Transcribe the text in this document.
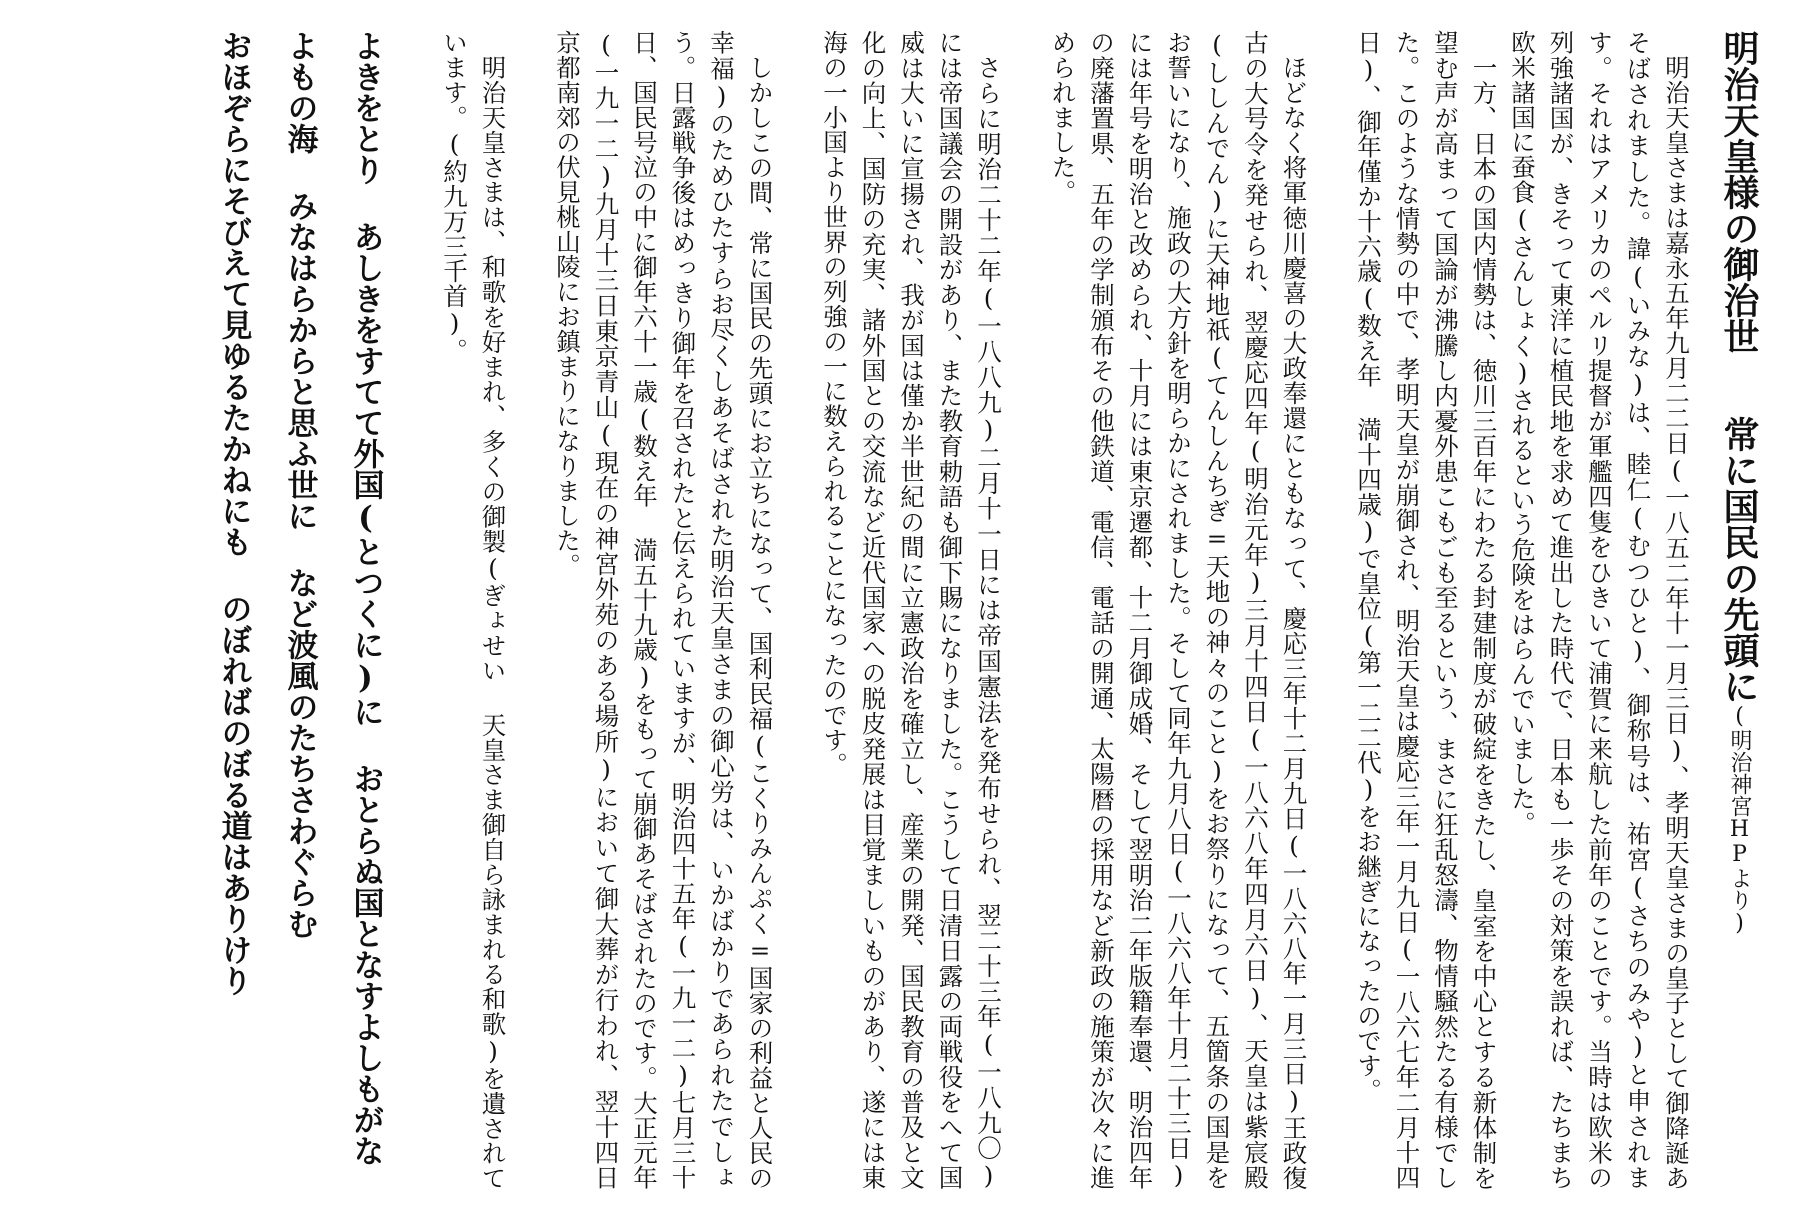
明治天皇様の御治世　常に国民の先頭に(明治神宮HPより)

明治天皇さまは嘉永五年九月二二日(一八五二年十一月三日)、孝明天皇さまの皇子として御降誕あそばされました。諱(いみな)は、睦仁(むつひと)、御称号は、祐宮(さちのみや)と申されます。それはアメリカのペルリ提督が軍艦四隻をひきいて浦賀に来航した前年のことです。当時は欧米の列強諸国が、きそって東洋に植民地を求めて進出した時代で、日本も一歩その対策を誤れば、たちまち欧米諸国に蚕食(さんしょく)されるという危険をはらんでいました。

一方、日本の国内情勢は、徳川三百年にわたる封建制度が破綻をきたし、皇室を中心とする新体制を望む声が高まって国論が沸騰し内憂外患こもごも至るという、まさに狂乱怒濤、物情騒然たる有様でした。このような情勢の中で、孝明天皇が崩御され、明治天皇は慶応三年一月九日(一八六七年二月十四日)、御年僅か十六歳(数え年 満十四歳)で皇位(第一二二代)をお継ぎになったのです。

ほどなく将軍徳川慶喜の大政奉還にともなって、慶応三年十二月九日(一八六八年一月三日)王政復古の大号令を発せられ、翌慶応四年(明治元年)三月十四日(一八六八年四月六日)、天皇は紫宸殿(ししんでん)に天神地祇(てんしんちぎ=天地の神々のこと)をお祭りになって、五箇条の国是をお誓いになり、施政の大方針を明らかにされました。そして同年九月八日(一八六八年十月二十三日)には年号を明治と改められ、十月には東京遷都、十二月御成婚、そして翌明治二年版籍奉還、明治四年の廃藩置県、五年の学制頒布その他鉄道、電信、電話の開通、太陽暦の採用など新政の施策が次々に進められました。

さらに明治二十二年(一八八九)二月十一日には帝国憲法を発布せられ、翌二十三年(一八九〇)には帝国議会の開設があり、また教育勅語も御下賜になりました。こうして日清日露の両戦役をへて国威は大いに宣揚され、我が国は僅か半世紀の間に立憲政治を確立し、産業の開発、国民教育の普及と文化の向上、国防の充実、諸外国との交流など近代国家への脱皮発展は目覚ましいものがあり、遂には東海の一小国より世界の列強の一に数えられることになったのです。

しかしこの間、常に国民の先頭にお立ちになって、国利民福(こくりみんぷく=国家の利益と人民の幸福)のためひたすらお尽くしあそばされた明治天皇さまの御心労は、いかばかりであられたでしょう。日露戦争後はめっきり御年を召されたと伝えられていますが、明治四十五年(一九一二)七月三十日、国民号泣の中に御年六十一歳(数え年 満五十九歳)をもって崩御あそばされたのです。大正元年(一九一二)九月十三日東京青山(現在の神宮外苑のある場所)において御大葬が行われ、翌十四日京都南郊の伏見桃山陵にお鎮まりになりました。

明治天皇さまは、和歌を好まれ、多くの御製(ぎょせい 天皇さま御自ら詠まれる和歌)を遺されています。(約九万三千首)。

よきをとり あしきをすてて外国(とつくに)に おとらぬ国となすよしもがな
よもの海 みなはらからと思ふ世に など波風のたちさわぐらむ
おほぞらにそびえて見ゆるたかねにも のぼればのぼる道はありけり
